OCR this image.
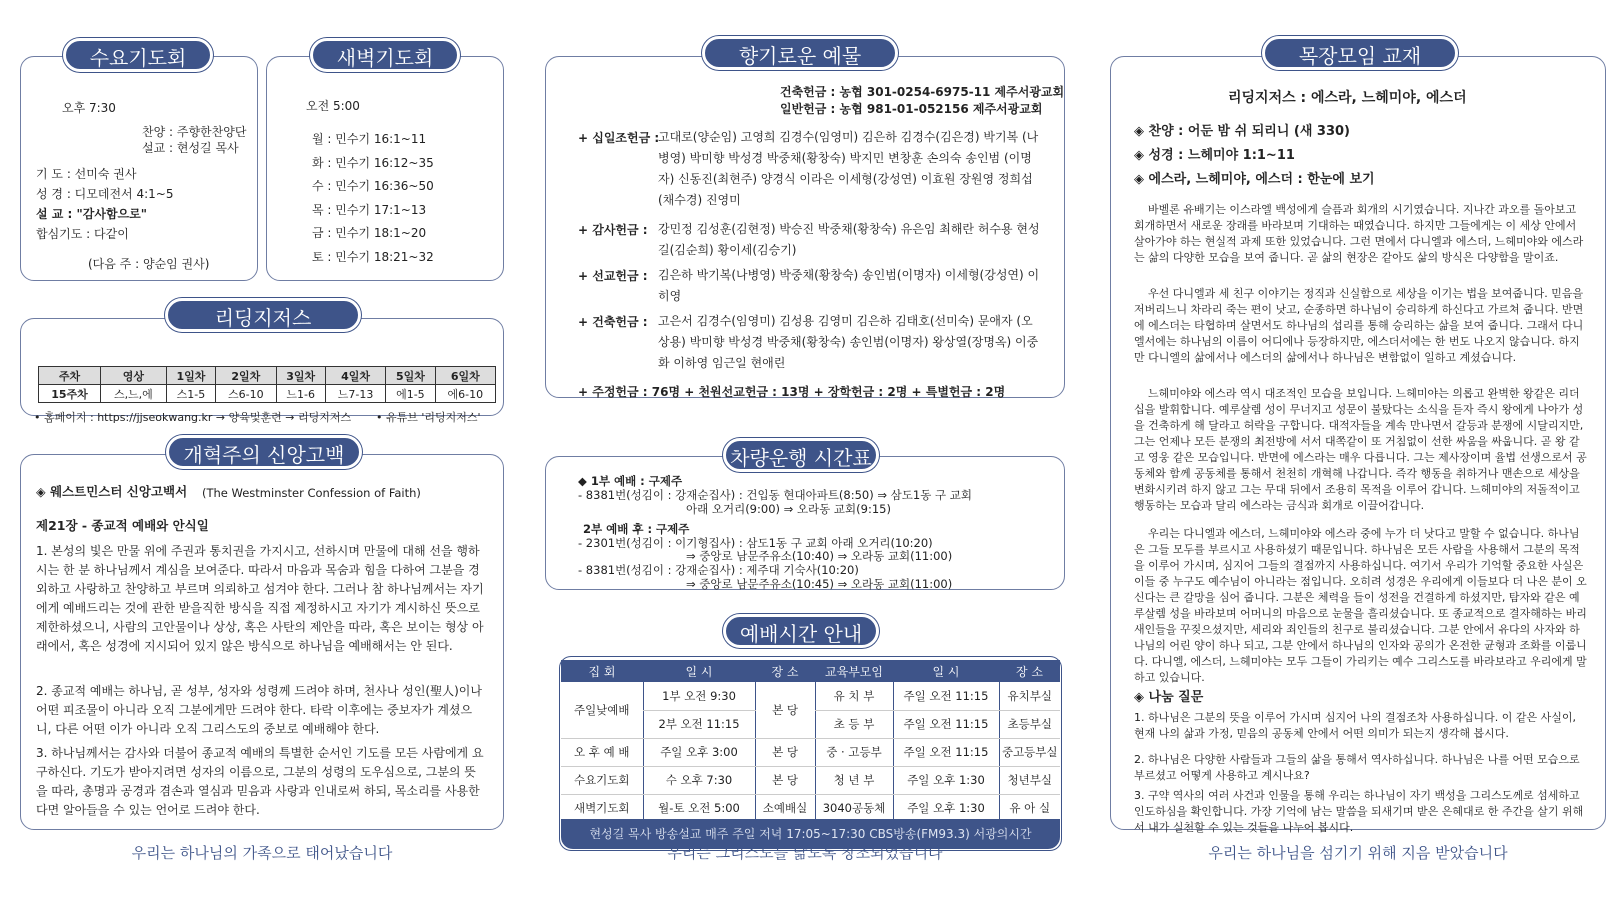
수요기도회
오후 7:30
찬양 : 주향한찬양단
설교 : 현성길 목사
기 도 : 선미숙 권사
성 경 : 디모데전서 4:1~5
설 교 : "감사함으로"
합심기도 : 다같이
(다음 주 : 양순임 권사)
새벽기도회
오전 5:00
월 : 민수기 16:1~11
화 : 민수기 16:12~35
수 : 민수기 16:36~50
목 : 민수기 17:1~13
금 : 민수기 18:1~20
토 : 민수기 18:21~32
리딩지저스
주차	영상	1일차	2일차	3일차	4일차	5일차	6일차
15주차	스,느,에	스1-5	스6-10	느1-6	느7-13	에1-5	에6-10
• 홈페이지 : https://jjseokwang.kr → 양육및훈련 → 리딩지저스 • 유튜브 '리딩지저스'
개혁주의 신앙고백
◈ 웨스트민스터 신앙고백서 (The Westminster Confession of Faith)
제21장 - 종교적 예배와 안식일
1. 본성의 빛은 만물 위에 주권과 통치권을 가지시고, 선하시며 만물에 대해 선을 행하시는 한 분 하나님께서 계심을 보여준다. 따라서 마음과 목숨과 힘을 다하여 그분을 경외하고 사랑하고 찬양하고 부르며 의뢰하고 섬겨야 한다. 그러나 참 하나님께서는 자기에게 예배드리는 것에 관한 받을직한 방식을 직접 제정하시고 자기가 계시하신 뜻으로 제한하셨으니, 사람의 고안물이나 상상, 혹은 사탄의 제안을 따라, 혹은 보이는 형상 아래에서, 혹은 성경에 지시되어 있지 않은 방식으로 하나님을 예배해서는 안 된다.
2. 종교적 예배는 하나님, 곧 성부, 성자와 성령께 드려야 하며, 천사나 성인(聖人)이나 어떤 피조물이 아니라 오직 그분에게만 드려야 한다. 타락 이후에는 중보자가 계셨으니, 다른 어떤 이가 아니라 오직 그리스도의 중보로 예배해야 한다.
3. 하나님께서는 감사와 더불어 종교적 예배의 특별한 순서인 기도를 모든 사람에게 요구하신다. 기도가 받아지려면 성자의 이름으로, 그분의 성령의 도우심으로, 그분의 뜻을 따라, 총명과 공경과 겸손과 열심과 믿음과 사랑과 인내로써 하되, 목소리를 사용한다면 알아들을 수 있는 언어로 드려야 한다.
우리는 하나님의 가족으로 태어났습니다
향기로운 예물
건축헌금 : 농협 301-0254-6975-11 제주서광교회
일반헌금 : 농협 981-01-052156 제주서광교회
+ 십일조헌금 :
고대로(양순임) 고영희 김경수(임영미) 김은하 김경수(김은경) 박기복 (나병영) 박미향 박성경 박중채(황창숙) 박지민 변창훈 손의숙 송인범 (이명자) 신동진(최현주) 양경식 이라은 이세형(강성연) 이효원 장원영 정희섭(채수경) 진영미
+ 감사헌금 : 강민정 김성훈(김현정) 박승진 박중채(황창숙) 유은임 최해란 허수용 현성길(김순희) 황이세(김승기)
+ 선교헌금 : 김은하 박기복(나병영) 박중채(황창숙) 송인범(이명자) 이세형(강성연) 이히영
+ 건축헌금 : 고은서 김경수(임영미) 김성용 김영미 김은하 김태호(선미숙) 문애자 (오상용) 박미향 박성경 박중채(황창숙) 송인범(이명자) 왕상열(장명옥) 이중화 이하영 임근일 현애린
+ 주정헌금 : 76명 + 천원선교헌금 : 13명 + 장학헌금 : 2명 + 특별헌금 : 2명
차량운행 시간표
◆ 1부 예배 : 구제주
- 8381번(성김이 : 강재순집사) : 건입동 현대아파트(8:50) ⇒ 삼도1동 구 교회
아래 오거리(9:00) ⇒ 오라동 교회(9:15)
2부 예배 후 : 구제주
- 2301번(성김이 : 이기형집사) : 삼도1동 구 교회 아래 오거리(10:20)
⇒ 중앙로 남문주유소(10:40) ⇒ 오라동 교회(11:00)
- 8381번(성김이 : 강재순집사) : 제주대 기숙사(10:20)
⇒ 중앙로 남문주유소(10:45) ⇒ 오라동 교회(11:00)
예배시간 안내
집 회	일 시	장 소	교육부모임	일 시	장 소
주일낮예배	1부 오전 9:30	본 당	유 치 부	주일 오전 11:15	유치부실
	2부 오전 11:15		초 등 부	주일 오전 11:15	초등부실
오 후 예 배	주일 오후 3:00	본 당	중 · 고등부	주일 오전 11:15	중고등부실
수요기도회	수 오후 7:30	본 당	청 년 부	주일 오후 1:30	청년부실
새벽기도회	월-토 오전 5:00	소예배실	3040공동체	주일 오후 1:30	유 아 실
현성길 목사 방송설교 매주 주일 저녁 17:05~17:30 CBS방송(FM93.3) 서광의시간
우리는 그리스도를 닮도록 창조되었습니다
목장모임 교재
리딩지저스 : 에스라, 느헤미야, 에스더
◈ 찬양 : 어둔 밤 쉬 되리니 (새 330)
◈ 성경 : 느헤미야 1:1~11
◈ 에스라, 느헤미야, 에스더 : 한눈에 보기
바벨론 유배기는 이스라엘 백성에게 슬픔과 회개의 시기였습니다. 지나간 과오를 돌아보고 회개하면서 새로운 장래를 바라보며 기대하는 때였습니다. 하지만 그들에게는 이 세상 안에서 살아가야 하는 현실적 과제 또한 있었습니다. 그런 면에서 다니엘과 에스더, 느헤미야와 에스라는 삶의 다양한 모습을 보여 줍니다. 곧 삶의 현장은 같아도 삶의 방식은 다양함을 말이죠.
우선 다니엘과 세 친구 이야기는 정직과 신실함으로 세상을 이기는 법을 보여줍니다. 믿음을 저버리느니 차라리 죽는 편이 낫고, 순종하면 하나님이 승리하게 하신다고 가르쳐 줍니다. 반면에 에스더는 타협하며 살면서도 하나님의 섭리를 통해 승리하는 삶을 보여 줍니다. 그래서 다니엘서에는 하나님의 이름이 어디에나 등장하지만, 에스더서에는 한 번도 나오지 않습니다. 하지만 다니엘의 삶에서나 에스더의 삶에서나 하나님은 변함없이 일하고 계셨습니다.
느헤미야와 에스라 역시 대조적인 모습을 보입니다. 느헤미야는 의롭고 완벽한 왕같은 리더십을 발휘합니다. 예루살렘 성이 무너지고 성문이 불탔다는 소식을 듣자 즉시 왕에게 나아가 성을 건축하게 해 달라고 허락을 구합니다. 대적자들을 계속 만나면서 갈등과 분쟁에 시달리지만, 그는 언제나 모든 분쟁의 최전방에 서서 대쪽같이 또 거침없이 선한 싸움을 싸웁니다. 곧 왕 같고 영웅 같은 모습입니다. 반면에 에스라는 매우 다릅니다. 그는 제사장이며 율법 선생으로서 공동체와 함께 공동체를 통해서 천천히 개혁해 나갑니다. 즉각 행동을 취하거나 맨손으로 세상을 변화시키려 하지 않고 그는 무대 뒤에서 조용히 목적을 이루어 갑니다. 느헤미야의 저돌적이고 행동하는 모습과 달리 에스라는 금식과 회개로 이끌어갑니다.
우리는 다니엘과 에스더, 느헤미야와 에스라 중에 누가 더 낫다고 말할 수 없습니다. 하나님은 그들 모두를 부르시고 사용하셨기 때문입니다. 하나님은 모든 사람을 사용해서 그분의 목적을 이루어 가시며, 심지어 그들의 결점까지 사용하십니다. 여기서 우리가 기억할 중요한 사실은 이들 중 누구도 예수님이 아니라는 점입니다. 오히려 성경은 우리에게 이들보다 더 나은 분이 오신다는 큰 갈망을 심어 줍니다. 그분은 체력을 들이 성전을 건결하게 하셨지만, 탐자와 같은 예루살렘 성을 바라보며 어머니의 마음으로 눈물을 흘리셨습니다. 또 종교적으로 결자해하는 바리새인들을 꾸짖으셨지만, 세리와 죄인들의 친구로 불리셨습니다. 그분 안에서 유다의 사자와 하나님의 어린 양이 하나 되고, 그분 안에서 하나님의 인자와 공의가 온전한 균형과 조화를 이룹니다. 다니엘, 에스더, 느헤미야는 모두 그들이 가리키는 예수 그리스도를 바라보라고 우리에게 말하고 있습니다.
◈ 나눔 질문
1. 하나님은 그분의 뜻을 이루어 가시며 심지어 나의 결점조차 사용하십니다. 이 같은 사실이, 현재 나의 삶과 가정, 믿음의 공동체 안에서 어떤 의미가 되는지 생각해 봅시다.
2. 하나님은 다양한 사람들과 그들의 삶을 통해서 역사하십니다. 하나님은 나를 어떤 모습으로 부르셨고 어떻게 사용하고 계시나요?
3. 구약 역사의 여러 사건과 인물을 통해 우리는 하나님이 자기 백성을 그리스도께로 섬세하고 인도하심을 확인합니다. 가장 기억에 남는 말씀을 되새기며 받은 은혜대로 한 주간을 살기 위해서 내가 실천할 수 있는 것들을 나누어 봅시다.
우리는 하나님을 섬기기 위해 지음 받았습니다
